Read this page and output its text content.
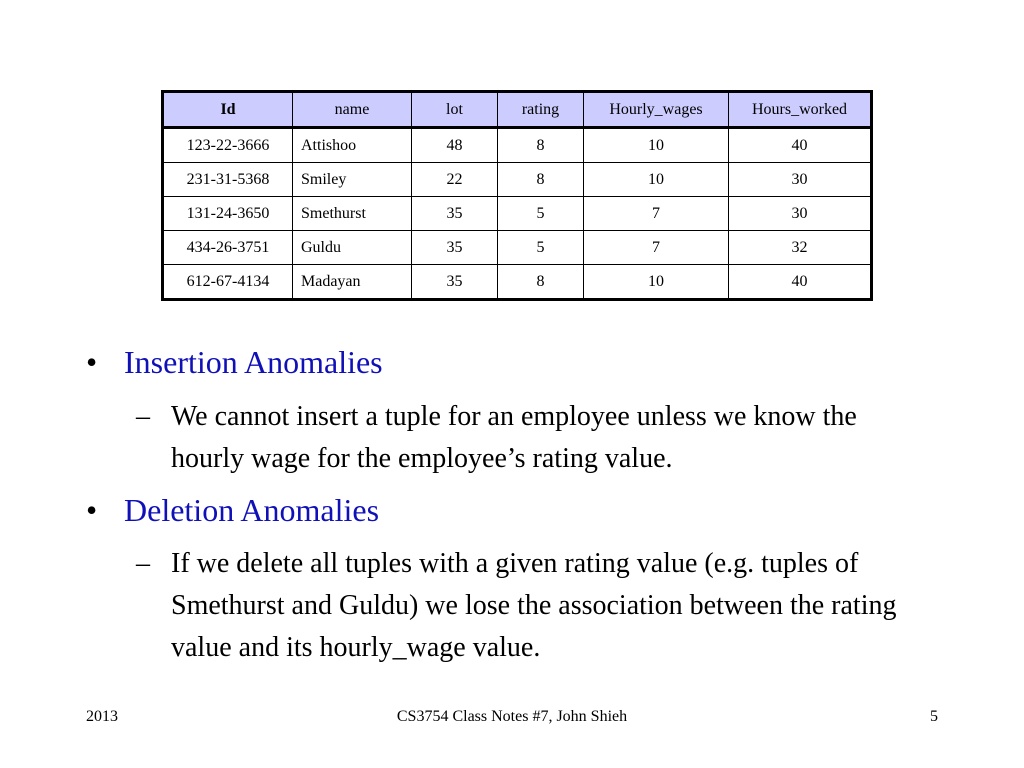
Id	name	lot	rating	Hourly_wages	Hours_worked
123-22-3666	Attishoo	48	8	10	40
231-31-5368	Smiley	22	8	10	30
131-24-3650	Smethurst	35	5	7	30
434-26-3751	Guldu	35	5	7	32
612-67-4134	Madayan	35	8	10	40
• Insertion Anomalies
– We cannot insert a tuple for an employee unless we know the hourly wage for the employee’s rating value.
• Deletion Anomalies
– If we delete all tuples with a given rating value (e.g. tuples of Smethurst and Guldu) we lose the association between the rating value and its hourly_wage value.
2013	CS3754 Class Notes #7, John Shieh	5
